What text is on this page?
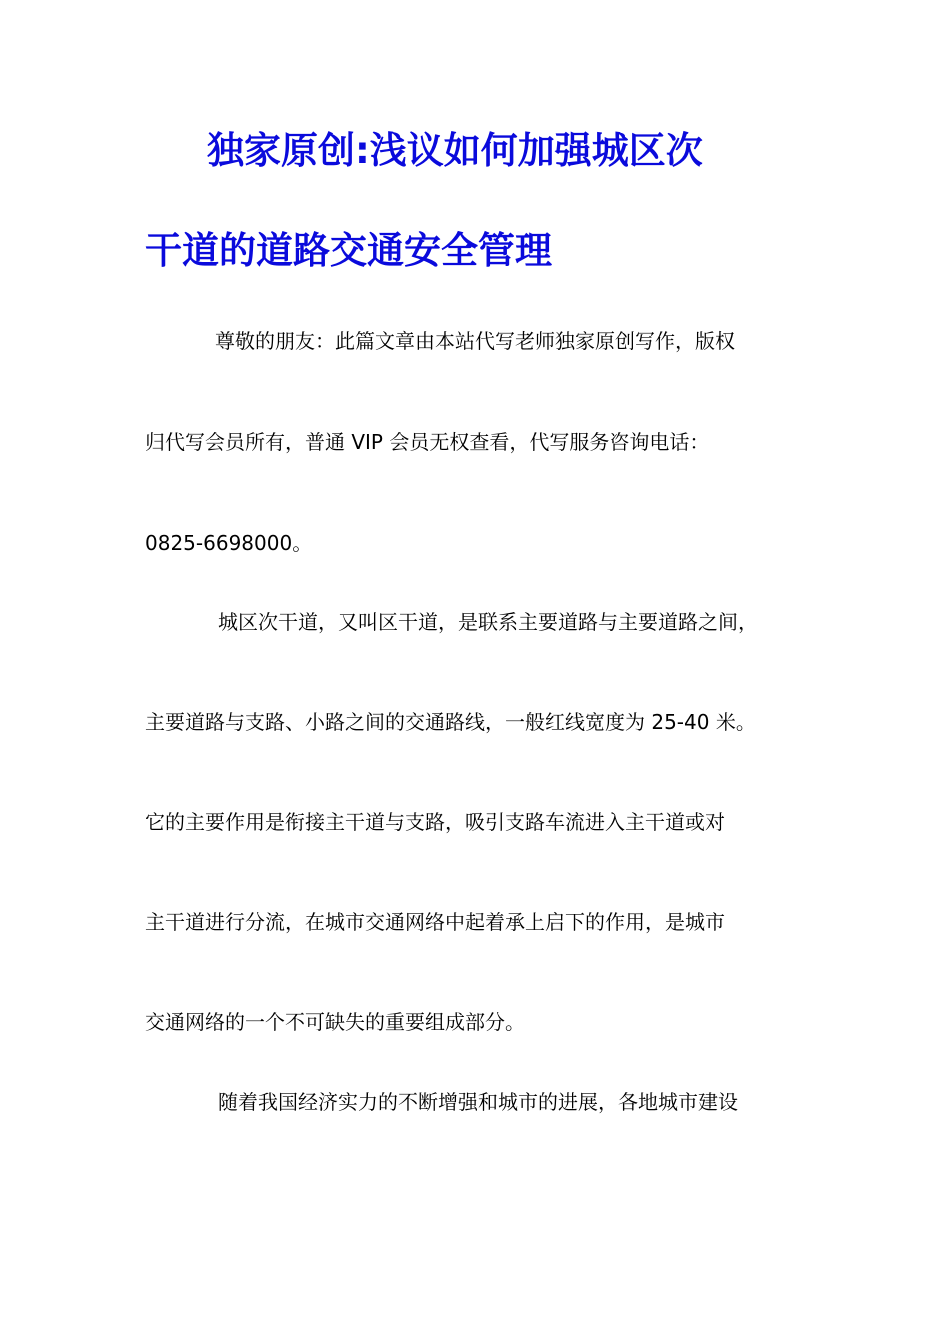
独家原创:浅议如何加强城区次
干道的道路交通安全管理
尊敬的朋友：此篇文章由本站代写老师独家原创写作，版权
归代写会员所有，普通 VIP 会员无权查看，代写服务咨询电话：
0825-6698000。
城区次干道，又叫区干道，是联系主要道路与主要道路之间，
主要道路与支路、小路之间的交通路线，一般红线宽度为 25-40 米。
它的主要作用是衔接主干道与支路，吸引支路车流进入主干道或对
主干道进行分流，在城市交通网络中起着承上启下的作用，是城市
交通网络的一个不可缺失的重要组成部分。
随着我国经济实力的不断增强和城市的进展，各地城市建设
